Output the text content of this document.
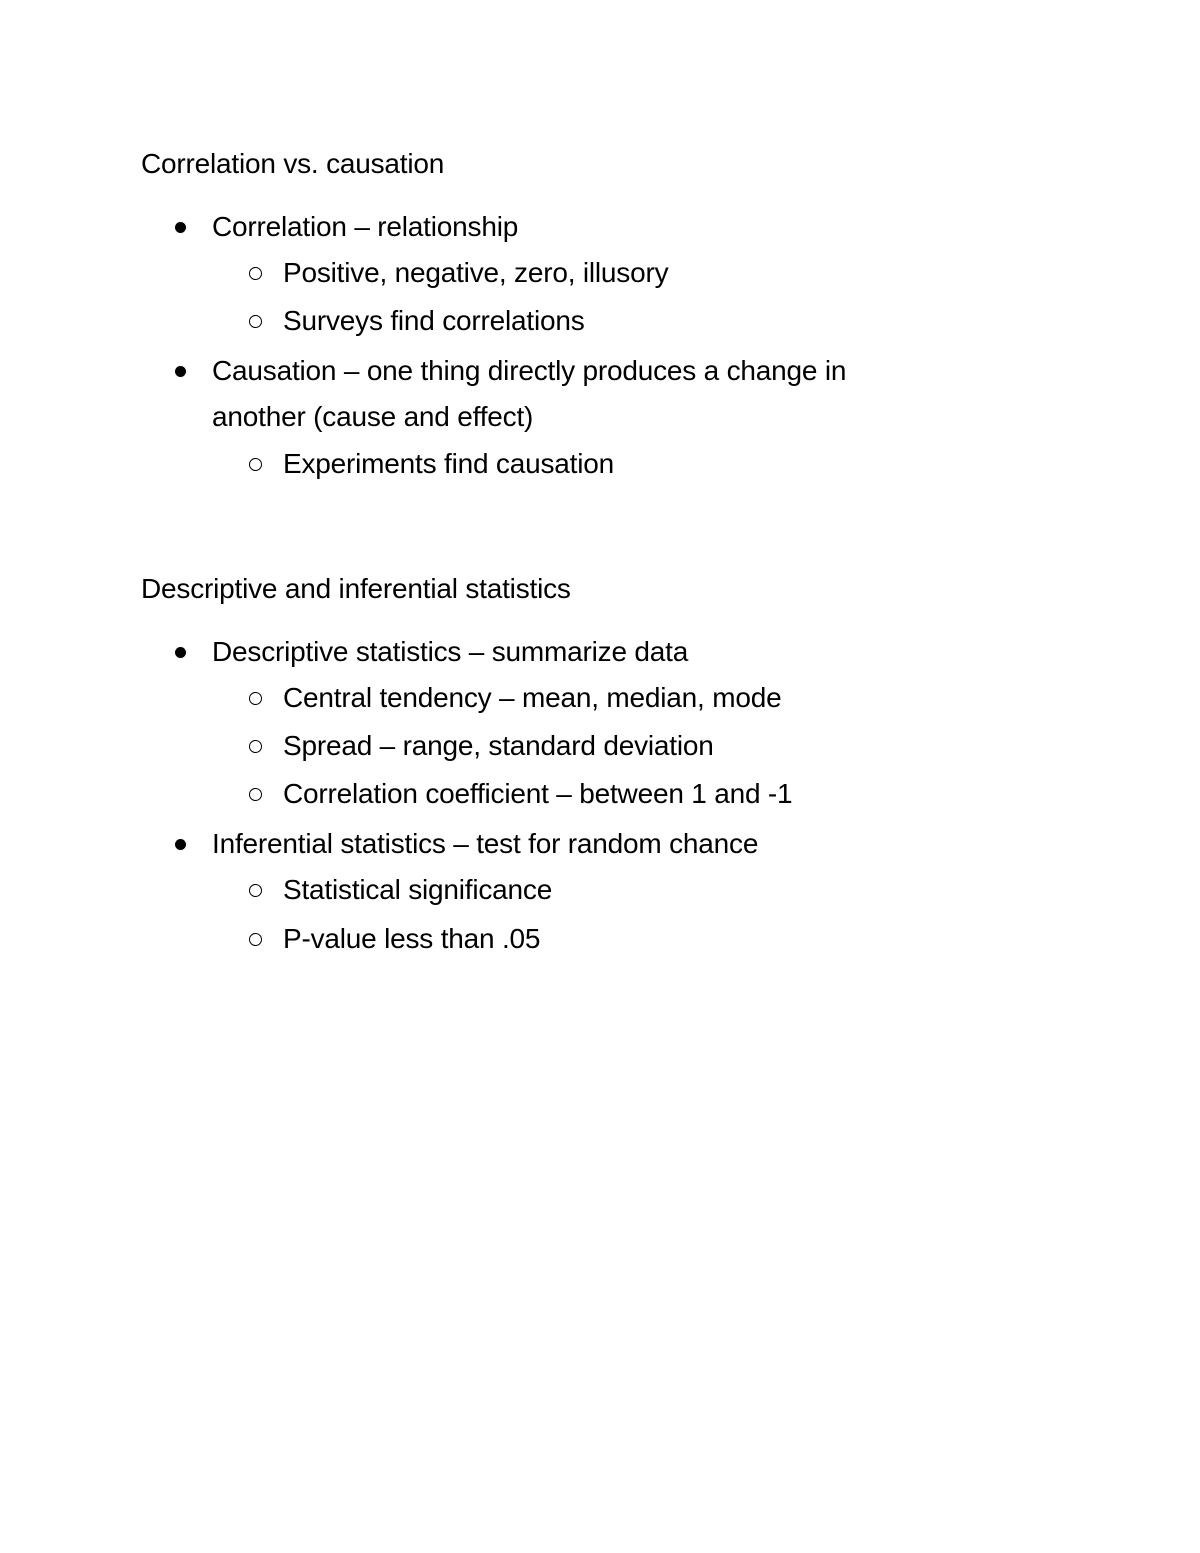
Correlation vs. causation
Correlation – relationship
Positive, negative, zero, illusory
Surveys find correlations
Causation – one thing directly produces a change in
another (cause and effect)
Experiments find causation
Descriptive and inferential statistics
Descriptive statistics – summarize data
Central tendency – mean, median, mode
Spread – range, standard deviation
Correlation coefficient – between 1 and -1
Inferential statistics – test for random chance
Statistical significance
P-value less than .05
